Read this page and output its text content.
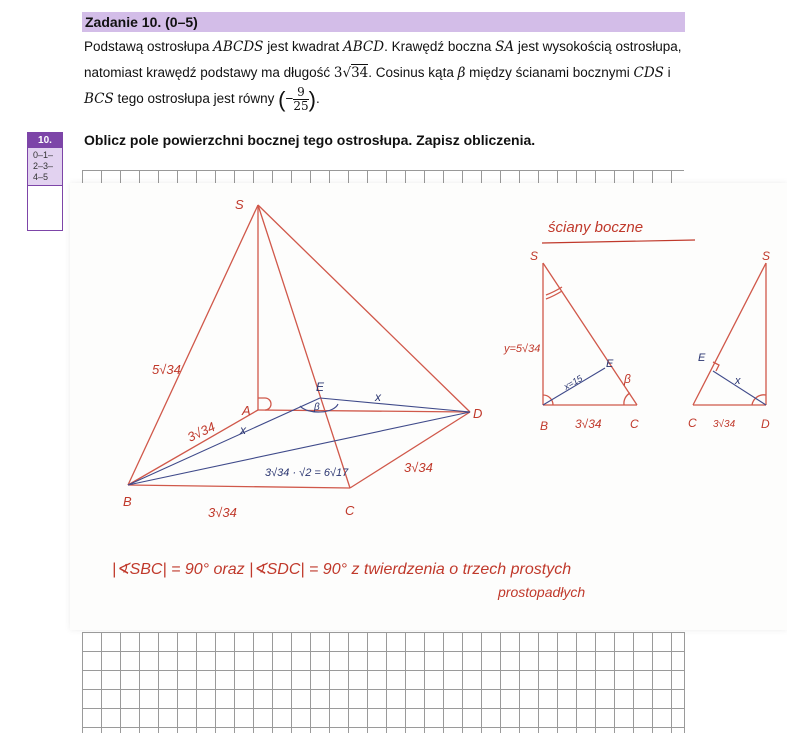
Zadanie 10. (0–5)
Podstawą ostrosłupa ABCDS jest kwadrat ABCD. Krawędź boczna SA jest wysokością ostrosłupa, natomiast krawędź podstawy ma długość 3√34. Cosinus kąta β między ścianami bocznymi CDS i BCS tego ostrosłupa jest równy (− $\frac{9}{25}$).
10.
0–1–
2–3–
4–5
Oblicz pole powierzchni bocznej tego ostrosłupa. Zapisz obliczenia.
S
5√34
A
3√34
B
3√34	C
3√34
D
E
x
x
β
3√34 · √2 = 6√17
ściany boczne
S
y=5√34
B 3√34 C
β
E
x=15
S
C 3√34 D
E
x
|∢SBC| = 90° oraz |∢SDC| = 90° z twierdzenia o trzech prostych
prostopadłych
